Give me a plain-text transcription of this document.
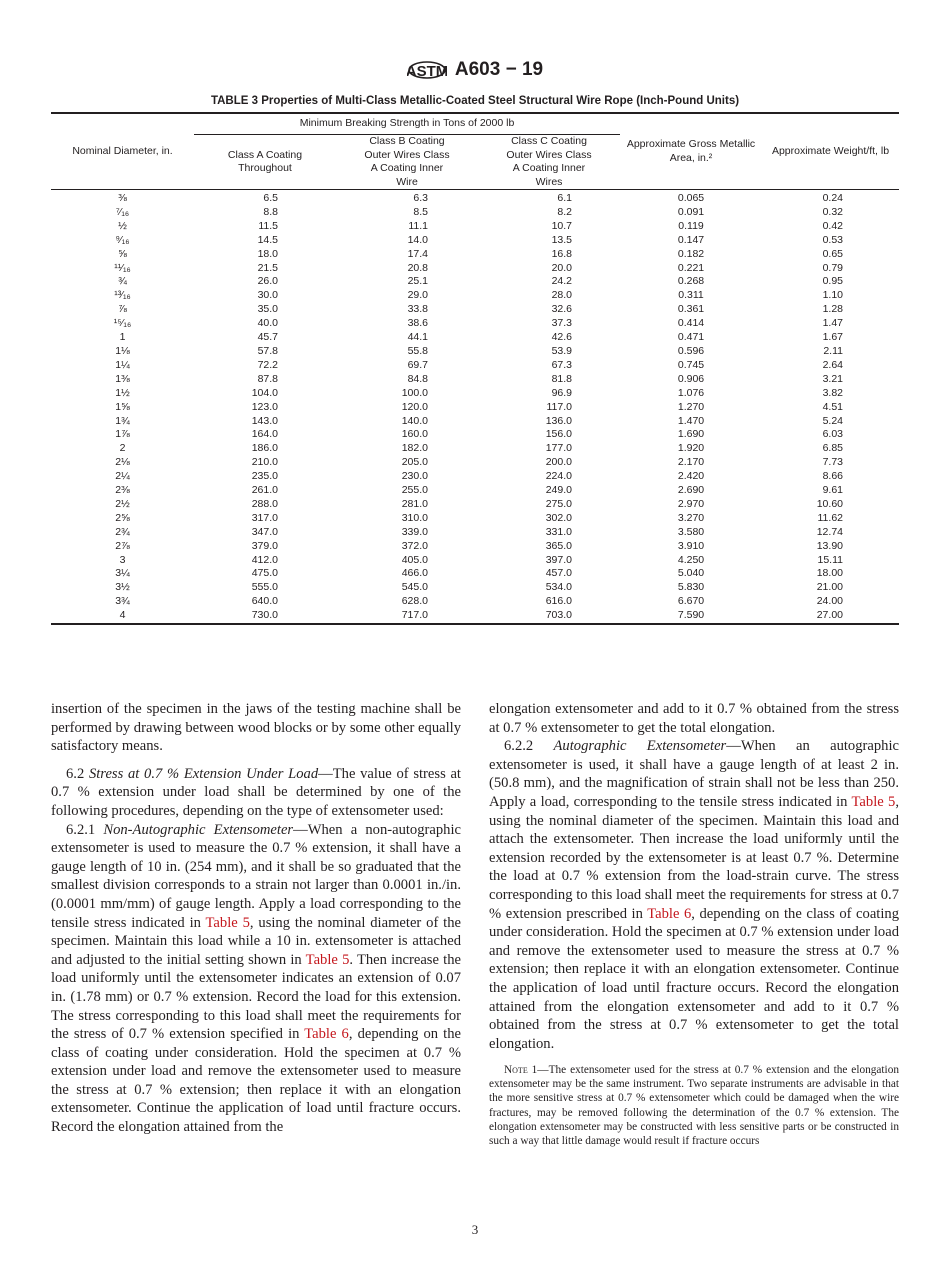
ASTM A603 − 19
TABLE 3 Properties of Multi-Class Metallic-Coated Steel Structural Wire Rope (Inch-Pound Units)
Nominal Diameter, in.	Minimum Breaking Strength in Tons of 2000 lb			Approximate Gross Metallic Area, in.²	Approximate Weight/ft, lb

	Class A Coating Throughout	Class B Coating Outer Wires Class A Coating Inner Wire	Class C Coating Outer Wires Class A Coating Inner Wires		

⅜	6.5	6.3	6.1	0.065	0.24
⁷⁄₁₆	8.8	8.5	8.2	0.091	0.32
½	11.5	11.1	10.7	0.119	0.42
⁹⁄₁₆	14.5	14.0	13.5	0.147	0.53
⅝	18.0	17.4	16.8	0.182	0.65
¹¹⁄₁₆	21.5	20.8	20.0	0.221	0.79
¾	26.0	25.1	24.2	0.268	0.95
¹³⁄₁₆	30.0	29.0	28.0	0.311	1.10
⅞	35.0	33.8	32.6	0.361	1.28
¹⁵⁄₁₆	40.0	38.6	37.3	0.414	1.47
1	45.7	44.1	42.6	0.471	1.67
1⅛	57.8	55.8	53.9	0.596	2.11
1¼	72.2	69.7	67.3	0.745	2.64
1⅜	87.8	84.8	81.8	0.906	3.21
1½	104.0	100.0	96.9	1.076	3.82
1⅝	123.0	120.0	117.0	1.270	4.51
1¾	143.0	140.0	136.0	1.470	5.24
1⅞	164.0	160.0	156.0	1.690	6.03
2	186.0	182.0	177.0	1.920	6.85
2⅛	210.0	205.0	200.0	2.170	7.73
2¼	235.0	230.0	224.0	2.420	8.66
2⅜	261.0	255.0	249.0	2.690	9.61
2½	288.0	281.0	275.0	2.970	10.60
2⅝	317.0	310.0	302.0	3.270	11.62
2¾	347.0	339.0	331.0	3.580	12.74
2⅞	379.0	372.0	365.0	3.910	13.90
3	412.0	405.0	397.0	4.250	15.11
3¼	475.0	466.0	457.0	5.040	18.00
3½	555.0	545.0	534.0	5.830	21.00
3¾	640.0	628.0	616.0	6.670	24.00
4	730.0	717.0	703.0	7.590	27.00

insertion of the specimen in the jaws of the testing machine shall be performed by drawing between wood blocks or by some other equally satisfactory means.

6.2 Stress at 0.7 % Extension Under Load—The value of stress at 0.7 % extension under load shall be determined by one of the following procedures, depending on the type of extensometer used:

6.2.1 Non-Autographic Extensometer—When a non-autographic extensometer is used to measure the 0.7 % extension, it shall have a gauge length of 10 in. (254 mm), and it shall be so graduated that the smallest division corresponds to a strain not larger than 0.0001 in./in. (0.0001 mm/mm) of gauge length. Apply a load corresponding to the tensile stress indicated in Table 5, using the nominal diameter of the specimen. Maintain this load while a 10 in. extensometer is attached and adjusted to the initial setting shown in Table 5. Then increase the load uniformly until the extensometer indicates an extension of 0.07 in. (1.78 mm) or 0.7 % extension. Record the load for this extension. The stress corresponding to this load shall meet the requirements for the stress of 0.7 % extension specified in Table 6, depending on the class of coating under consideration. Hold the specimen at 0.7 % extension under load and remove the extensometer used to measure the stress at 0.7 % extension; then replace it with an elongation extensometer. Continue the application of load until fracture occurs. Record the elongation attained from the

elongation extensometer and add to it 0.7 % obtained from the stress at 0.7 % extensometer to get the total elongation.

6.2.2 Autographic Extensometer—When an autographic extensometer is used, it shall have a gauge length of at least 2 in. (50.8 mm), and the magnification of strain shall not be less than 250. Apply a load, corresponding to the tensile stress indicated in Table 5, using the nominal diameter of the specimen. Maintain this load and attach the extensometer. Then increase the load uniformly until the extension recorded by the extensometer is at least 0.7 %. Determine the load at 0.7 % extension from the load-strain curve. The stress corresponding to this load shall meet the requirements for stress at 0.7 % extension prescribed in Table 6, depending on the class of coating under consideration. Hold the specimen at 0.7 % extension under load and remove the extensometer used to measure the stress at 0.7 % extension; then replace it with an elongation extensometer. Continue the application of load until fracture occurs. Record the elongation attained from the elongation extensometer and add to it 0.7 % obtained from the stress at 0.7 % extensometer to get the total elongation.

Note 1—The extensometer used for the stress at 0.7 % extension and the elongation extensometer may be the same instrument. Two separate instruments are advisable in that the more sensitive stress at 0.7 % extensometer which could be damaged when the wire fractures, may be removed following the determination of the 0.7 % extension. The elongation extensometer may be constructed with less sensitive parts or be constructed in such a way that little damage would result if fracture occurs

3
